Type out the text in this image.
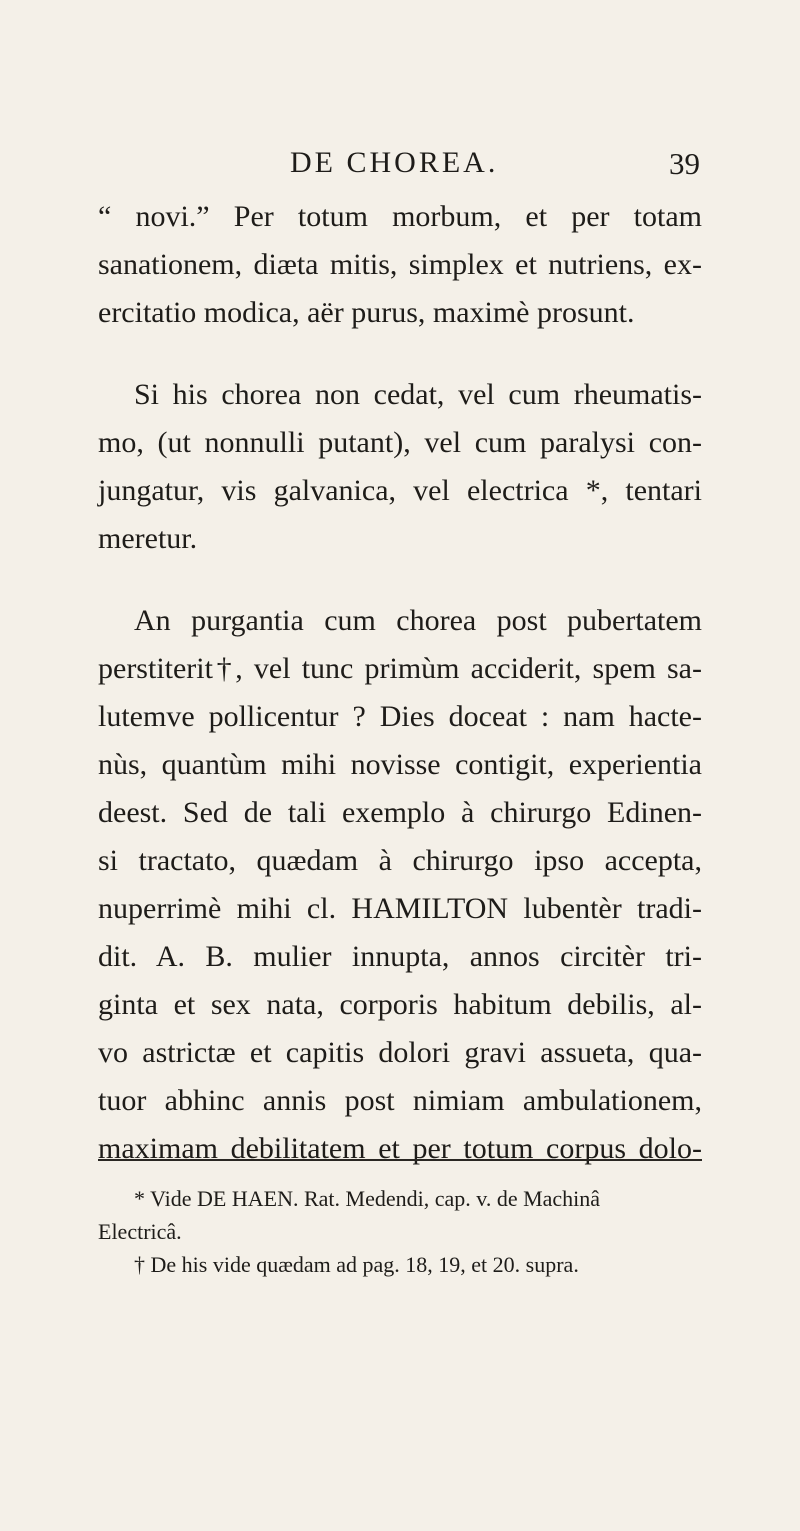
DE CHOREA.	39
“ novi.” Per totum morbum, et per totam
sanationem, diæta mitis, simplex et nutriens, ex-
ercitatio modica, aër purus, maximè prosunt.
Si his chorea non cedat, vel cum rheumatis-
mo, (ut nonnulli putant), vel cum paralysi con-
jungatur, vis galvanica, vel electrica *, tentari
meretur.
An purgantia cum chorea post pubertatem
perstiterit†, vel tunc primùm acciderit, spem sa-
lutemve pollicentur ? Dies doceat : nam hacte-
nùs, quantùm mihi novisse contigit, experientia
deest. Sed de tali exemplo à chirurgo Edinen-
si tractato, quædam à chirurgo ipso accepta,
nuperrimè mihi cl. HAMILTON lubentèr tradi-
dit. A. B. mulier innupta, annos circitèr tri-
ginta et sex nata, corporis habitum debilis, al-
vo astrictæ et capitis dolori gravi assueta, qua-
tuor abhinc annis post nimiam ambulationem,
maximam debilitatem et per totum corpus dolo-
* Vide DE HAEN. Rat. Medendi, cap. v. de Machinâ
Electricâ.
† De his vide quædam ad pag. 18, 19, et 20. supra.
